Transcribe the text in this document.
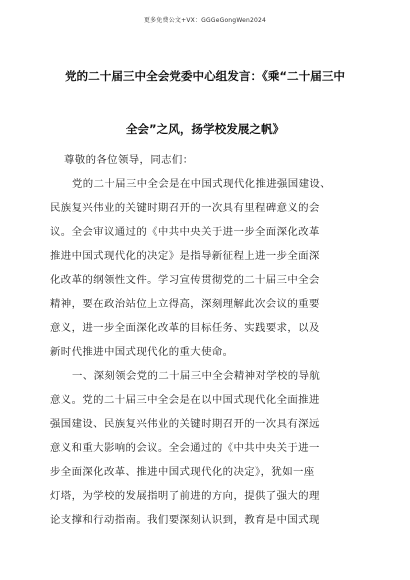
更多免费公文+VX：GGGeGongWen2024
党的二十届三中全会党委中心组发言：《乘“二十届三中
全会”之风，扬学校发展之帆》
尊敬的各位领导，同志们：
党的二十届三中全会是在中国式现代化推进强国建设、
民族复兴伟业的关键时期召开的一次具有里程碑意义的会
议。全会审议通过的《中共中央关于进一步全面深化改革
推进中国式现代化的决定》是指导新征程上进一步全面深
化改革的纲领性文件。学习宣传贯彻党的二十届三中全会
精神，要在政治站位上立得高，深刻理解此次会议的重要
意义，进一步全面深化改革的目标任务、实践要求，以及
新时代推进中国式现代化的重大使命。
一、深刻领会党的二十届三中全会精神对学校的导航
意义。党的二十届三中全会是在以中国式现代化全面推进
强国建设、民族复兴伟业的关键时期召开的一次具有深远
意义和重大影响的会议。全会通过的《中共中央关于进一
步全面深化改革、推进中国式现代化的决定》，犹如一座
灯塔，为学校的发展指明了前进的方向，提供了强大的理
论支撑和行动指南。我们要深刻认识到，教育是中国式现
